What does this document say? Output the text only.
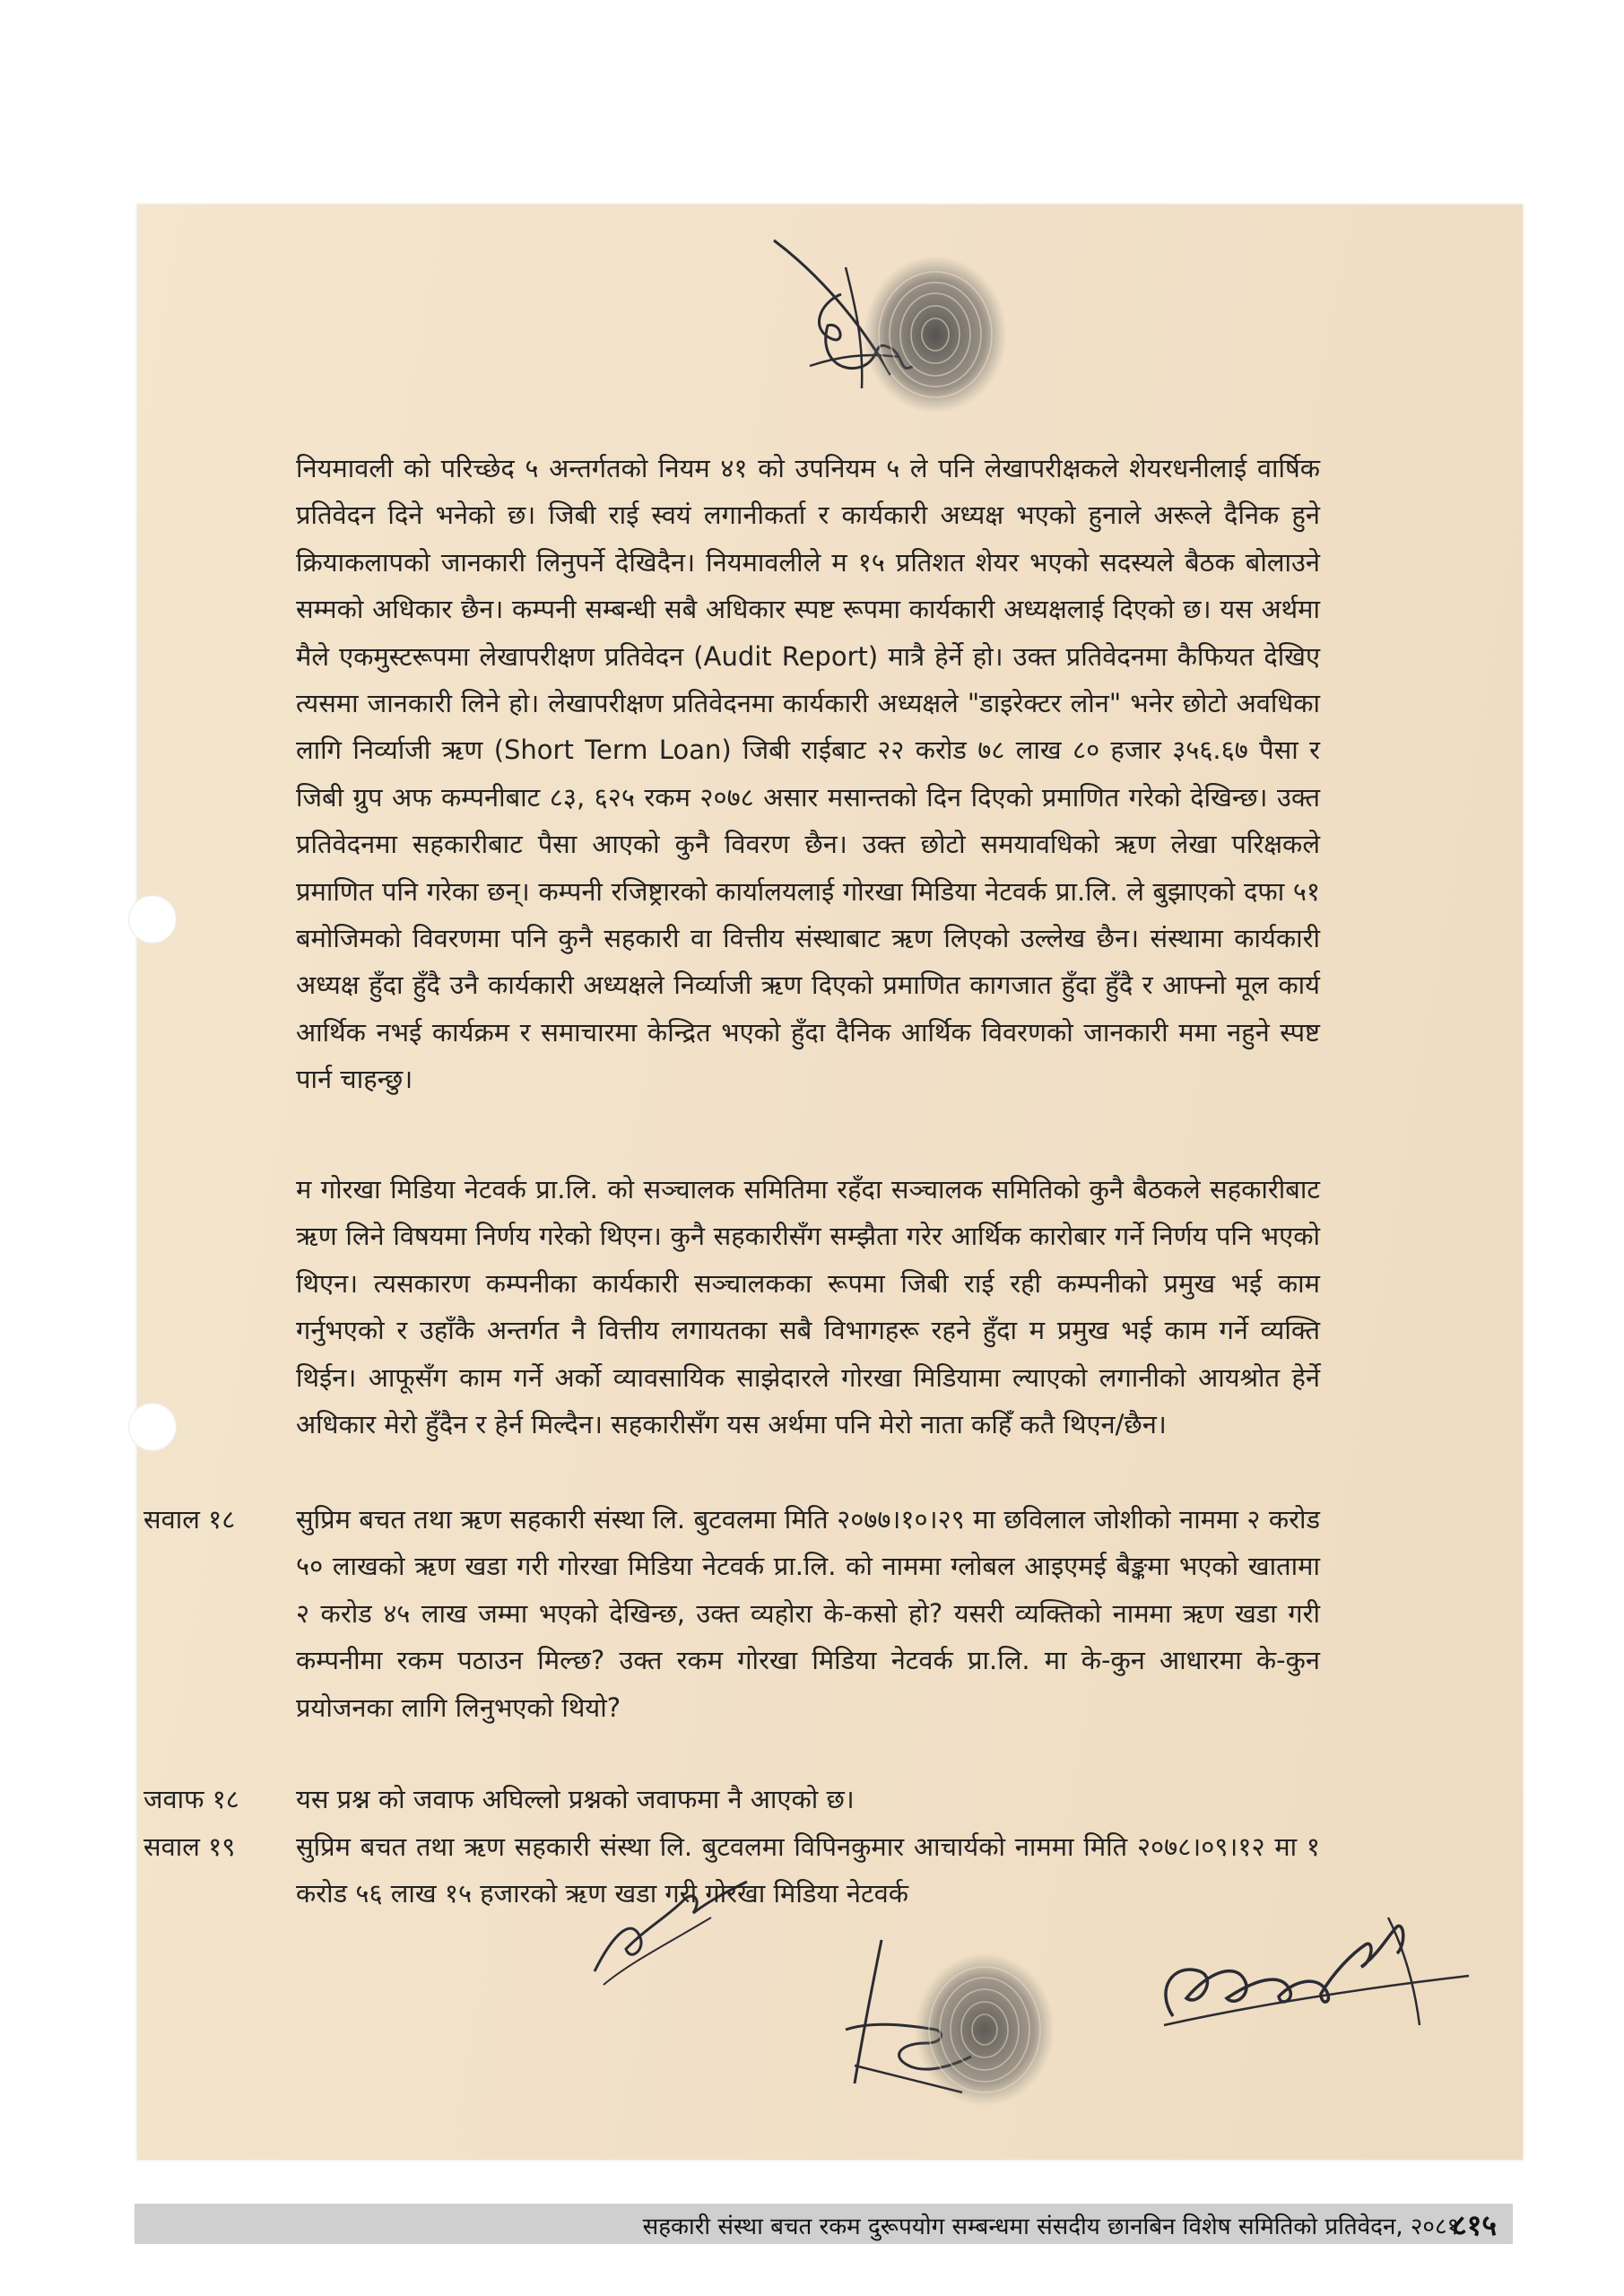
नियमावली को परिच्छेद ५ अन्तर्गतको नियम ४१ को उपनियम ५ ले पनि लेखापरीक्षकले शेयरधनीलाई वार्षिक प्रतिवेदन दिने भनेको छ। जिबी राई स्वयं लगानीकर्ता र कार्यकारी अध्यक्ष भएको हुनाले अरूले दैनिक हुने क्रियाकलापको जानकारी लिनुपर्ने देखिदैन। नियमावलीले म १५ प्रतिशत शेयर भएको सदस्यले बैठक बोलाउने सम्मको अधिकार छैन। कम्पनी सम्बन्धी सबै अधिकार स्पष्ट रूपमा कार्यकारी अध्यक्षलाई दिएको छ। यस अर्थमा मैले एकमुस्टरूपमा लेखापरीक्षण प्रतिवेदन (Audit Report) मात्रै हेर्ने हो। उक्त प्रतिवेदनमा कैफियत देखिए त्यसमा जानकारी लिने हो। लेखापरीक्षण प्रतिवेदनमा कार्यकारी अध्यक्षले "डाइरेक्टर लोन" भनेर छोटो अवधिका लागि निर्व्याजी ऋण (Short Term Loan) जिबी राईबाट २२ करोड ७८ लाख ८० हजार ३५६.६७ पैसा र जिबी ग्रुप अफ कम्पनीबाट ८३, ६२५ रकम २०७८ असार मसान्तको दिन दिएको प्रमाणित गरेको देखिन्छ। उक्त प्रतिवेदनमा सहकारीबाट पैसा आएको कुनै विवरण छैन। उक्त छोटो समयावधिको ऋण लेखा परिक्षकले प्रमाणित पनि गरेका छन्। कम्पनी रजिष्ट्रारको कार्यालयलाई गोरखा मिडिया नेटवर्क प्रा.लि. ले बुझाएको दफा ५१ बमोजिमको विवरणमा पनि कुनै सहकारी वा वित्तीय संस्थाबाट ऋण लिएको उल्लेख छैन। संस्थामा कार्यकारी अध्यक्ष हुँदा हुँदै उनै कार्यकारी अध्यक्षले निर्व्याजी ऋण दिएको प्रमाणित कागजात हुँदा हुँदै र आफ्नो मूल कार्य आर्थिक नभई कार्यक्रम र समाचारमा केन्द्रित भएको हुँदा दैनिक आर्थिक विवरणको जानकारी ममा नहुने स्पष्ट पार्न चाहन्छु।

म गोरखा मिडिया नेटवर्क प्रा.लि. को सञ्चालक समितिमा रहँदा सञ्चालक समितिको कुनै बैठकले सहकारीबाट ऋण लिने विषयमा निर्णय गरेको थिएन। कुनै सहकारीसँग सम्झैता गरेर आर्थिक कारोबार गर्ने निर्णय पनि भएको थिएन। त्यसकारण कम्पनीका कार्यकारी सञ्चालकका रूपमा जिबी राई रही कम्पनीको प्रमुख भई काम गर्नुभएको र उहाँकै अन्तर्गत नै वित्तीय लगायतका सबै विभागहरू रहने हुँदा म प्रमुख भई काम गर्ने व्यक्ति थिईन। आफूसँग काम गर्ने अर्को व्यावसायिक साझेदारले गोरखा मिडियामा ल्याएको लगानीको आयश्रोत हेर्ने अधिकार मेरो हुँदैन र हेर्न मिल्दैन। सहकारीसँग यस अर्थमा पनि मेरो नाता कहिँ कतै थिएन/छैन।

सवाल १८ सुप्रिम बचत तथा ऋण सहकारी संस्था लि. बुटवलमा मिति २०७७।१०।२९ मा छविलाल जोशीको नाममा २ करोड ५० लाखको ऋण खडा गरी गोरखा मिडिया नेटवर्क प्रा.लि. को नाममा ग्लोबल आइएमई बैङ्कमा भएको खातामा २ करोड ४५ लाख जम्मा भएको देखिन्छ, उक्त व्यहोरा के-कसो हो? यसरी व्यक्तिको नाममा ऋण खडा गरी कम्पनीमा रकम पठाउन मिल्छ? उक्त रकम गोरखा मिडिया नेटवर्क प्रा.लि. मा के-कुन आधारमा के-कुन प्रयोजनका लागि लिनुभएको थियो?

जवाफ १८ यस प्रश्न को जवाफ अघिल्लो प्रश्नको जवाफमा नै आएको छ।

सवाल १९ सुप्रिम बचत तथा ऋण सहकारी संस्था लि. बुटवलमा विपिनकुमार आचार्यको नाममा मिति २०७८।०९।१२ मा १ करोड ५६ लाख १५ हजारको ऋण खडा गरी गोरखा मिडिया नेटवर्क

सहकारी संस्था बचत रकम दुरूपयोग सम्बन्धमा संसदीय छानबिन विशेष समितिको प्रतिवेदन, २०८१
८१५
